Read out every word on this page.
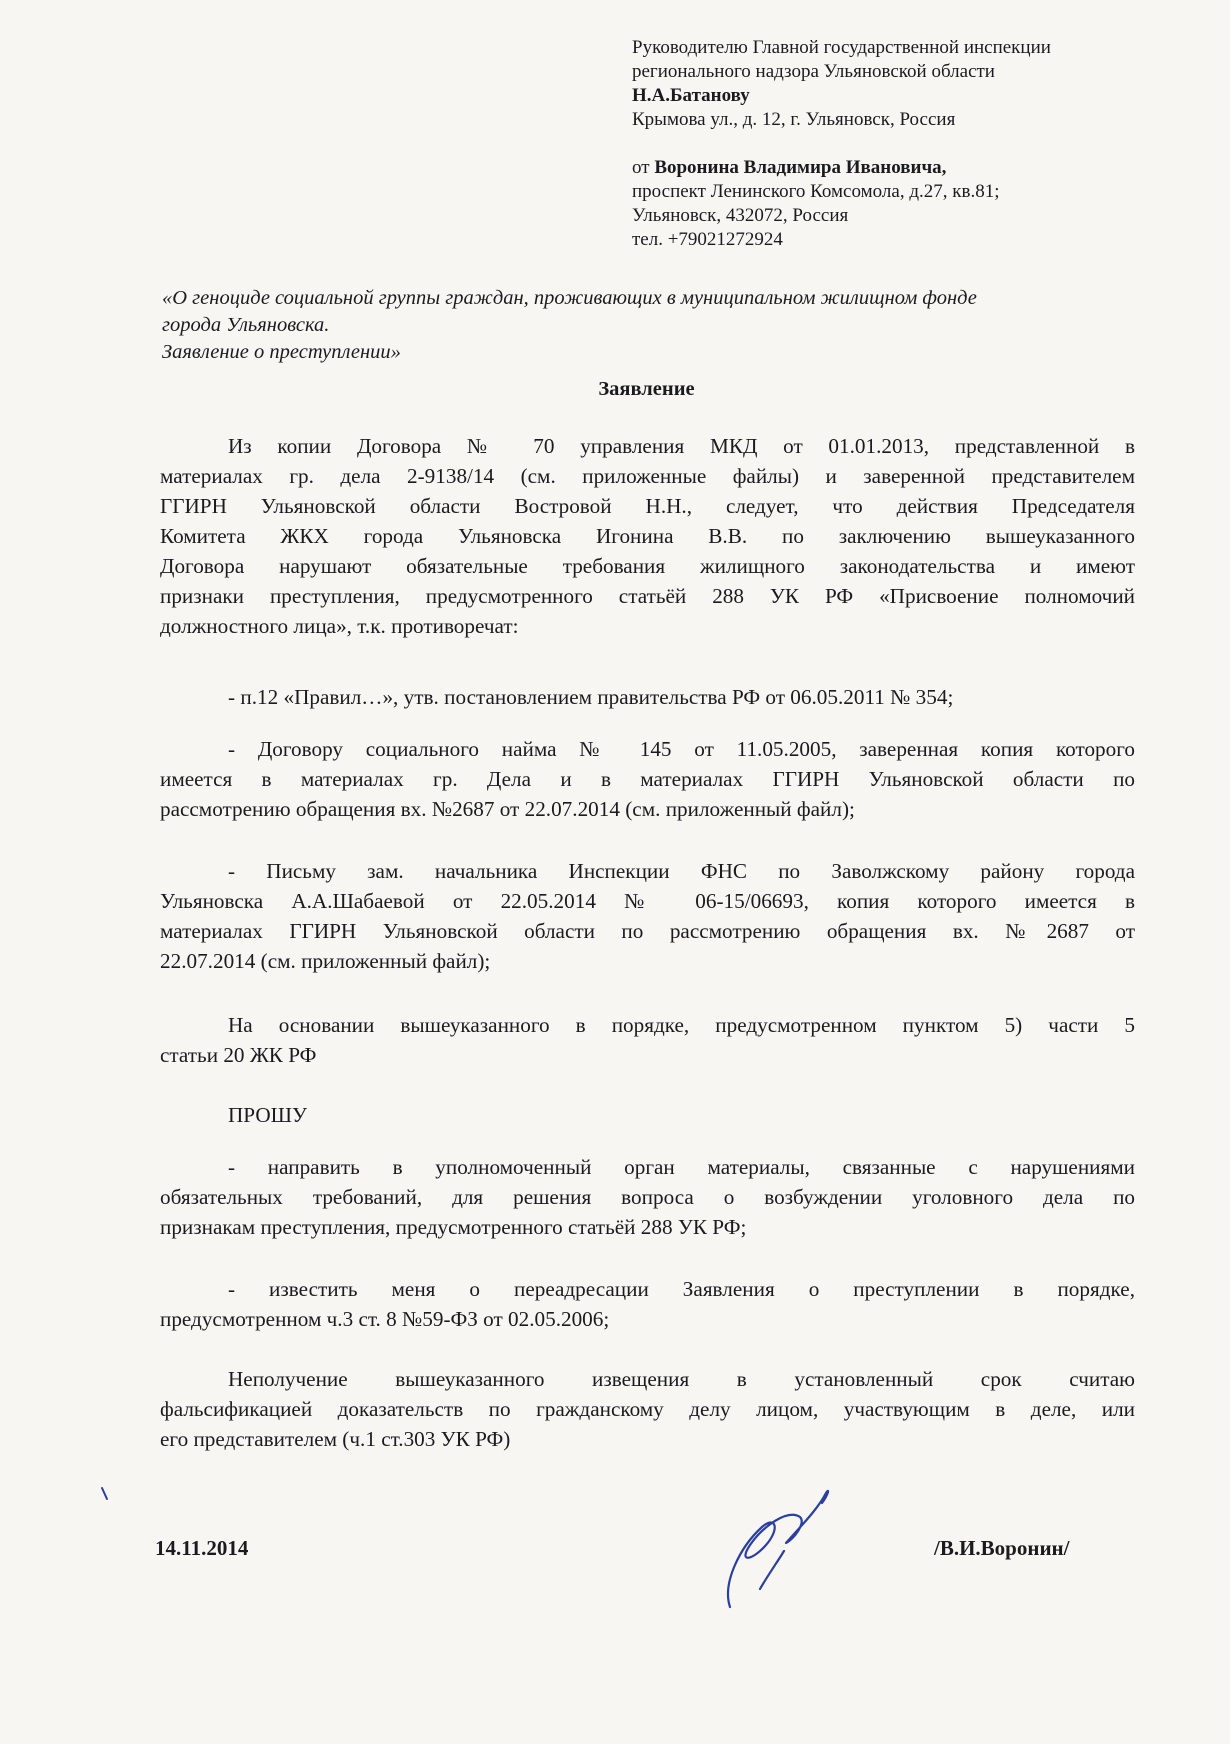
Руководителю Главной государственной инспекции
регионального надзора Ульяновской области
Н.А.Батанову
Крымова ул., д. 12, г. Ульяновск, Россия
от Воронина Владимира Ивановича,
проспект Ленинского Комсомола, д.27, кв.81;
Ульяновск, 432072, Россия
тел. +79021272924
«О геноциде социальной группы граждан, проживающих в муниципальном жилищном фонде
города Ульяновска.
Заявление о преступлении»
Заявление
Из копии Договора № 70 управления МКД от 01.01.2013, представленной в
материалах гр. дела 2-9138/14 (см. приложенные файлы) и заверенной представителем
ГГИРН Ульяновской области Востровой Н.Н., следует, что действия Председателя
Комитета ЖКХ города Ульяновска Игонина В.В. по заключению вышеуказанного
Договора нарушают обязательные требования жилищного законодательства и имеют
признаки преступления, предусмотренного статьёй 288 УК РФ «Присвоение полномочий
должностного лица», т.к. противоречат:
- п.12 «Правил…», утв. постановлением правительства РФ от 06.05.2011 № 354;
- Договору социального найма № 145 от 11.05.2005, заверенная копия которого
имеется в материалах гр. Дела и в материалах ГГИРН Ульяновской области по
рассмотрению обращения вх. №2687 от 22.07.2014 (см. приложенный файл);
- Письму зам. начальника Инспекции ФНС по Заволжскому району города
Ульяновска А.А.Шабаевой от 22.05.2014 № 06-15/06693, копия которого имеется в
материалах ГГИРН Ульяновской области по рассмотрению обращения вх. №2687 от
22.07.2014 (см. приложенный файл);
На основании вышеуказанного в порядке, предусмотренном пунктом 5) части 5
статьи 20 ЖК РФ
ПРОШУ
- направить в уполномоченный орган материалы, связанные с нарушениями
обязательных требований, для решения вопроса о возбуждении уголовного дела по
признакам преступления, предусмотренного статьёй 288 УК РФ;
- известить меня о переадресации Заявления о преступлении в порядке,
предусмотренном ч.3 ст. 8 №59-ФЗ от 02.05.2006;
Неполучение вышеуказанного извещения в установленный срок считаю
фальсификацией доказательств по гражданскому делу лицом, участвующим в деле, или
его представителем (ч.1 ст.303 УК РФ)
14.11.2014	/В.И.Воронин/
